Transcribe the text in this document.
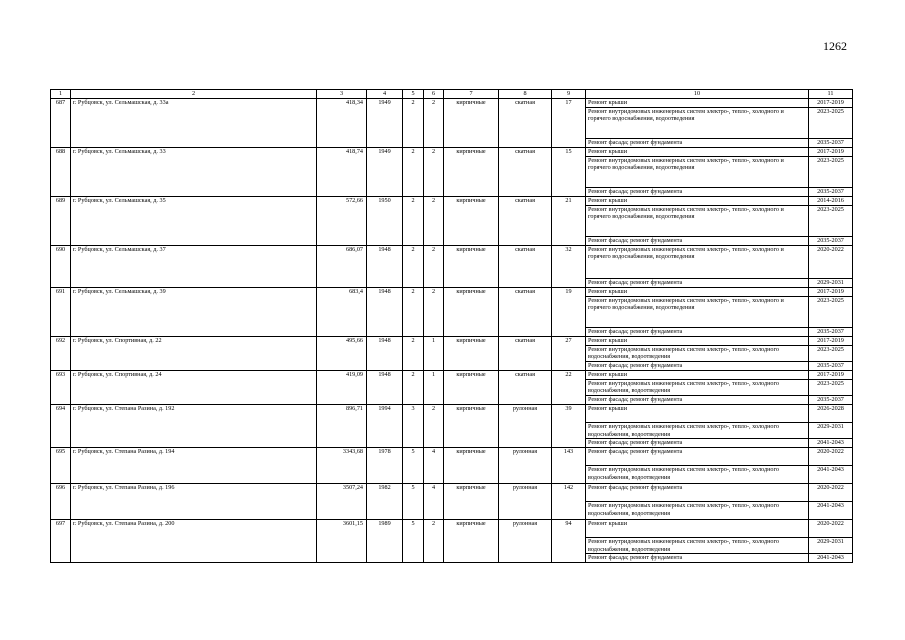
1262
1	2	3	4	5	6	7	8	9	10	11
687	г. Рубцовск, ул. Сельмашская, д. 33а	418,34	1949	2	2	кирпичные	скатная	17	Ремонт крыши	2017-2019
									Ремонт внутридомовых инженерных систем электро-, тепло-, холодного и горячего водоснабжения, водоотведения	2023-2025
									Ремонт фасада; ремонт фундамента	2035-2037
688	г. Рубцовск, ул. Сельмашская, д. 33	418,74	1949	2	2	кирпичные	скатная	15	Ремонт крыши	2017-2019
									Ремонт внутридомовых инженерных систем электро-, тепло-, холодного и горячего водоснабжения, водоотведения	2023-2025
									Ремонт фасада; ремонт фундамента	2035-2037
689	г. Рубцовск, ул. Сельмашская, д. 35	572,66	1950	2	2	кирпичные	скатная	21	Ремонт крыши	2014-2016
									Ремонт внутридомовых инженерных систем электро-, тепло-, холодного и горячего водоснабжения, водоотведения	2023-2025
									Ремонт фасада; ремонт фундамента	2035-2037
690	г. Рубцовск, ул. Сельмашская, д. 37	686,07	1948	2	2	кирпичные	скатная	32	Ремонт внутридомовых инженерных систем электро-, тепло-, холодного и горячего водоснабжения, водоотведения	2020-2022
									Ремонт фасада; ремонт фундамента	2029-2031
691	г. Рубцовск, ул. Сельмашская, д. 39	683,4	1948	2	2	кирпичные	скатная	19	Ремонт крыши	2017-2019
									Ремонт внутридомовых инженерных систем электро-, тепло-, холодного и горячего водоснабжения, водоотведения	2023-2025
									Ремонт фасада; ремонт фундамента	2035-2037
692	г. Рубцовск, ул. Спортивная, д. 22	495,66	1948	2	1	кирпичные	скатная	27	Ремонт крыши	2017-2019
									Ремонт внутридомовых инженерных систем электро-, тепло-, холодного водоснабжения, водоотведения	2023-2025
									Ремонт фасада; ремонт фундамента	2035-2037
693	г. Рубцовск, ул. Спортивная, д. 24	419,09	1948	2	1	кирпичные	скатная	22	Ремонт крыши	2017-2019
									Ремонт внутридомовых инженерных систем электро-, тепло-, холодного водоснабжения, водоотведения	2023-2025
									Ремонт фасада; ремонт фундамента	2035-2037
694	г. Рубцовск, ул. Степана Разина, д. 192	896,71	1994	3	2	кирпичные	рулонная	39	Ремонт крыши	2026-2028
									Ремонт внутридомовых инженерных систем электро-, тепло-, холодного водоснабжения, водоотведения	2029-2031
									Ремонт фасада; ремонт фундамента	2041-2043
695	г. Рубцовск, ул. Степана Разина, д. 194	3343,68	1978	5	4	кирпичные	рулонная	143	Ремонт фасада; ремонт фундамента	2020-2022
									Ремонт внутридомовых инженерных систем электро-, тепло-, холодного водоснабжения, водоотведения	2041-2043
696	г. Рубцовск, ул. Степана Разина, д. 196	3507,24	1982	5	4	кирпичные	рулонная	142	Ремонт фасада; ремонт фундамента	2020-2022
									Ремонт внутридомовых инженерных систем электро-, тепло-, холодного водоснабжения, водоотведения	2041-2043
697	г. Рубцовск, ул. Степана Разина, д. 200	3601,15	1989	5	2	кирпичные	рулонная	94	Ремонт крыши	2020-2022
									Ремонт внутридомовых инженерных систем электро-, тепло-, холодного водоснабжения, водоотведения	2029-2031
									Ремонт фасада; ремонт фундамента	2041-2043
